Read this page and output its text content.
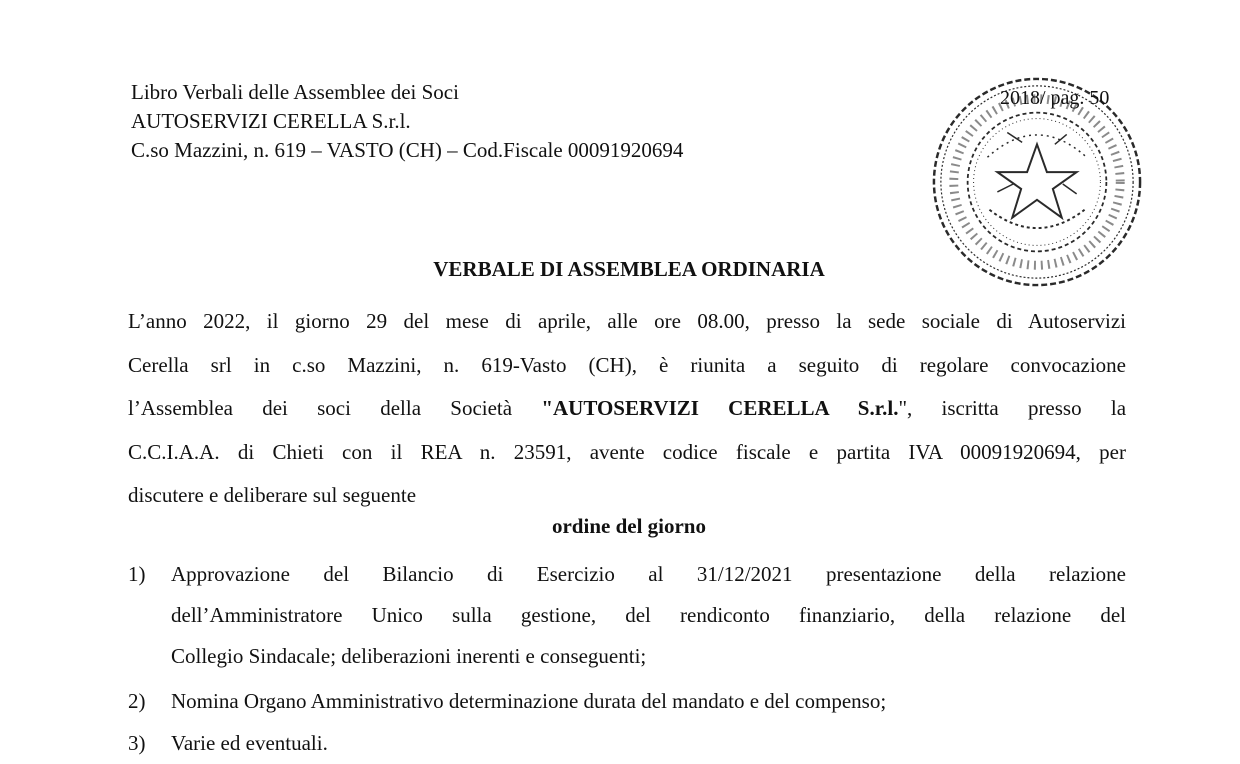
Libro Verbali delle Assemblee dei Soci
AUTOSERVIZI CERELLA S.r.l.
C.so Mazzini, n. 619 – VASTO (CH) – Cod.Fiscale 00091920694
2018/ pag. 50
VERBALE DI ASSEMBLEA ORDINARIA
L’anno 2022, il giorno 29 del mese di aprile, alle ore 08.00, presso la sede sociale di Autoservizi
Cerella srl in c.so Mazzini, n. 619-Vasto (CH), è riunita a seguito di regolare convocazione
l’Assemblea dei soci della Società "AUTOSERVIZI CERELLA S.r.l.", iscritta presso la
C.C.I.A.A. di Chieti con il REA n. 23591, avente codice fiscale e partita IVA 00091920694, per
discutere e deliberare sul seguente
ordine del giorno
1) Approvazione del Bilancio di Esercizio al 31/12/2021 presentazione della relazione
dell’Amministratore Unico sulla gestione, del rendiconto finanziario, della relazione del
Collegio Sindacale; deliberazioni inerenti e conseguenti;
2) Nomina Organo Amministrativo determinazione durata del mandato e del compenso;
3) Varie ed eventuali.
